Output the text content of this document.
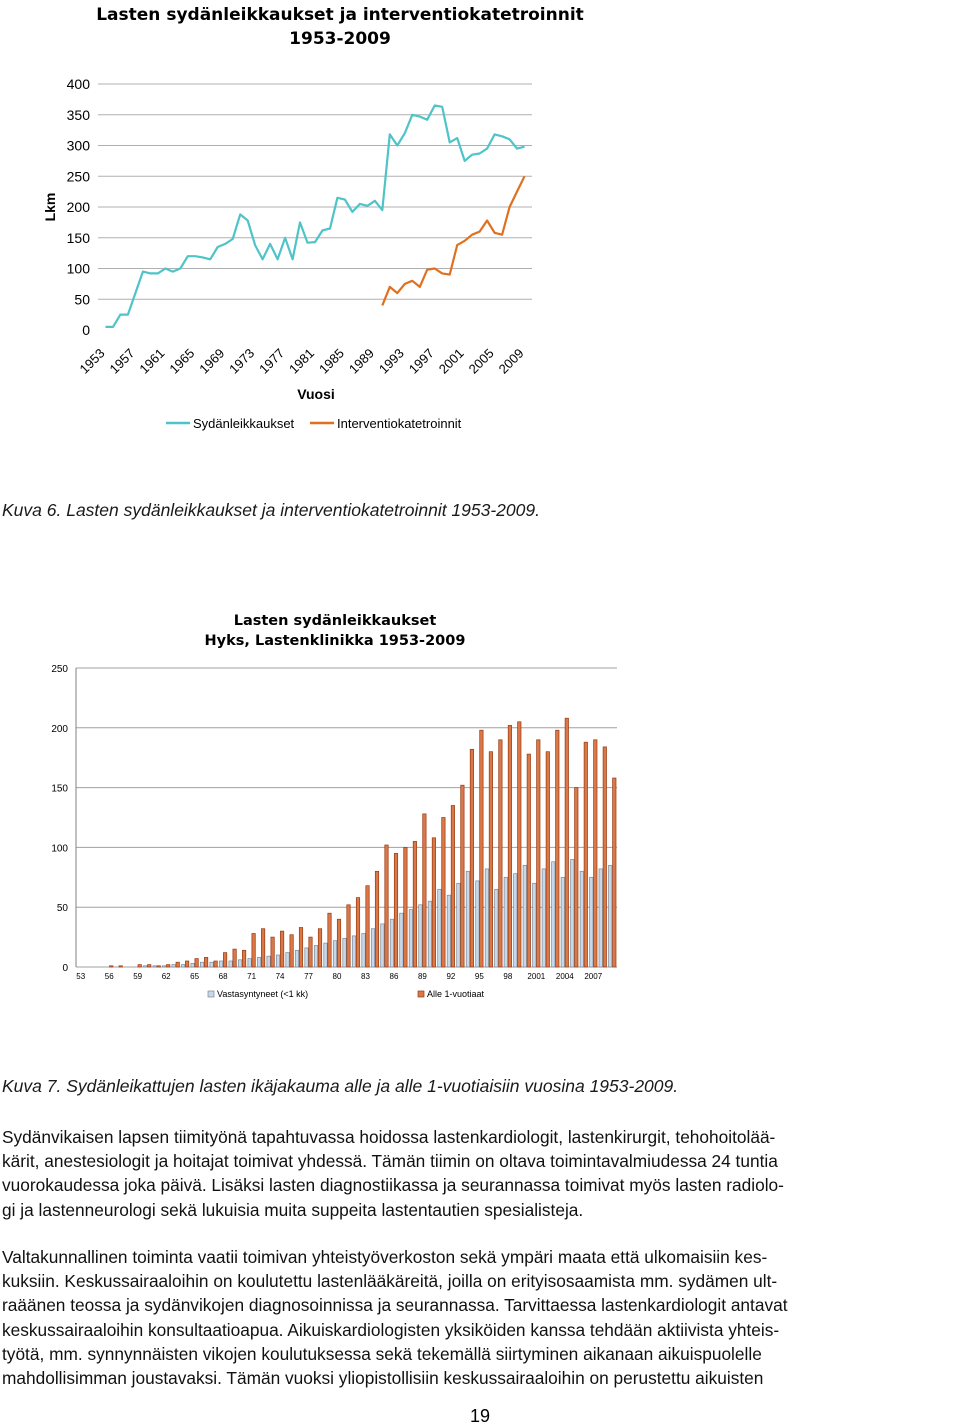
Lasten sydänleikkaukset ja interventiokatetroinnit
1953-2009
0
50
100
150
200
250
300
350
400
1953
1957
1961
1965
1969
1973
1977
1981
1985
1989
1993
1997
2001
2005
2009
Lkm
Vuosi
Sydänleikkaukset	Interventiokatetroinnit
Kuva 6. Lasten sydänleikkaukset ja interventiokatetroinnit 1953-2009.
Lasten sydänleikkaukset
Hyks, Lastenklinikka 1953-2009
0
50
100
150
200
250
53 56 59 62 65 68 71 74 77 80 83 86 89 92 95 98 2001 2004 2007
Vastasyntyneet (<1 kk)	Alle 1-vuotiaat
Kuva 7. Sydänleikattujen lasten ikäjakauma alle ja alle 1-vuotiaisiin vuosina 1953-2009.

Sydänvikaisen lapsen tiimityönä tapahtuvassa hoidossa lastenkardiologit, lastenkirurgit, tehohoitolää-

kärit, anestesiologit ja hoitajat toimivat yhdessä. Tämän tiimin on oltava toimintavalmiudessa 24 tuntia

vuorokaudessa joka päivä. Lisäksi lasten diagnostiikassa ja seurannassa toimivat myös lasten radiolo-

gi ja lastenneurologi sekä lukuisia muita suppeita lastentautien spesialisteja.

Valtakunnallinen toiminta vaatii toimivan yhteistyöverkoston sekä ympäri maata että ulkomaisiin kes-

kuksiin. Keskussairaaloihin on koulutettu lastenlääkäreitä, joilla on erityisosaamista mm. sydämen ult-

raäänen teossa ja sydänvikojen diagnosoinnissa ja seurannassa. Tarvittaessa lastenkardiologit antavat

keskussairaaloihin konsultaatioapua. Aikuiskardiologisten yksiköiden kanssa tehdään aktiivista yhteis-

työtä, mm. synnynnäisten vikojen koulutuksessa sekä tekemällä siirtyminen aikanaan aikuispuolelle

mahdollisimman joustavaksi. Tämän vuoksi yliopistollisiin keskussairaaloihin on perustettu aikuisten

19
